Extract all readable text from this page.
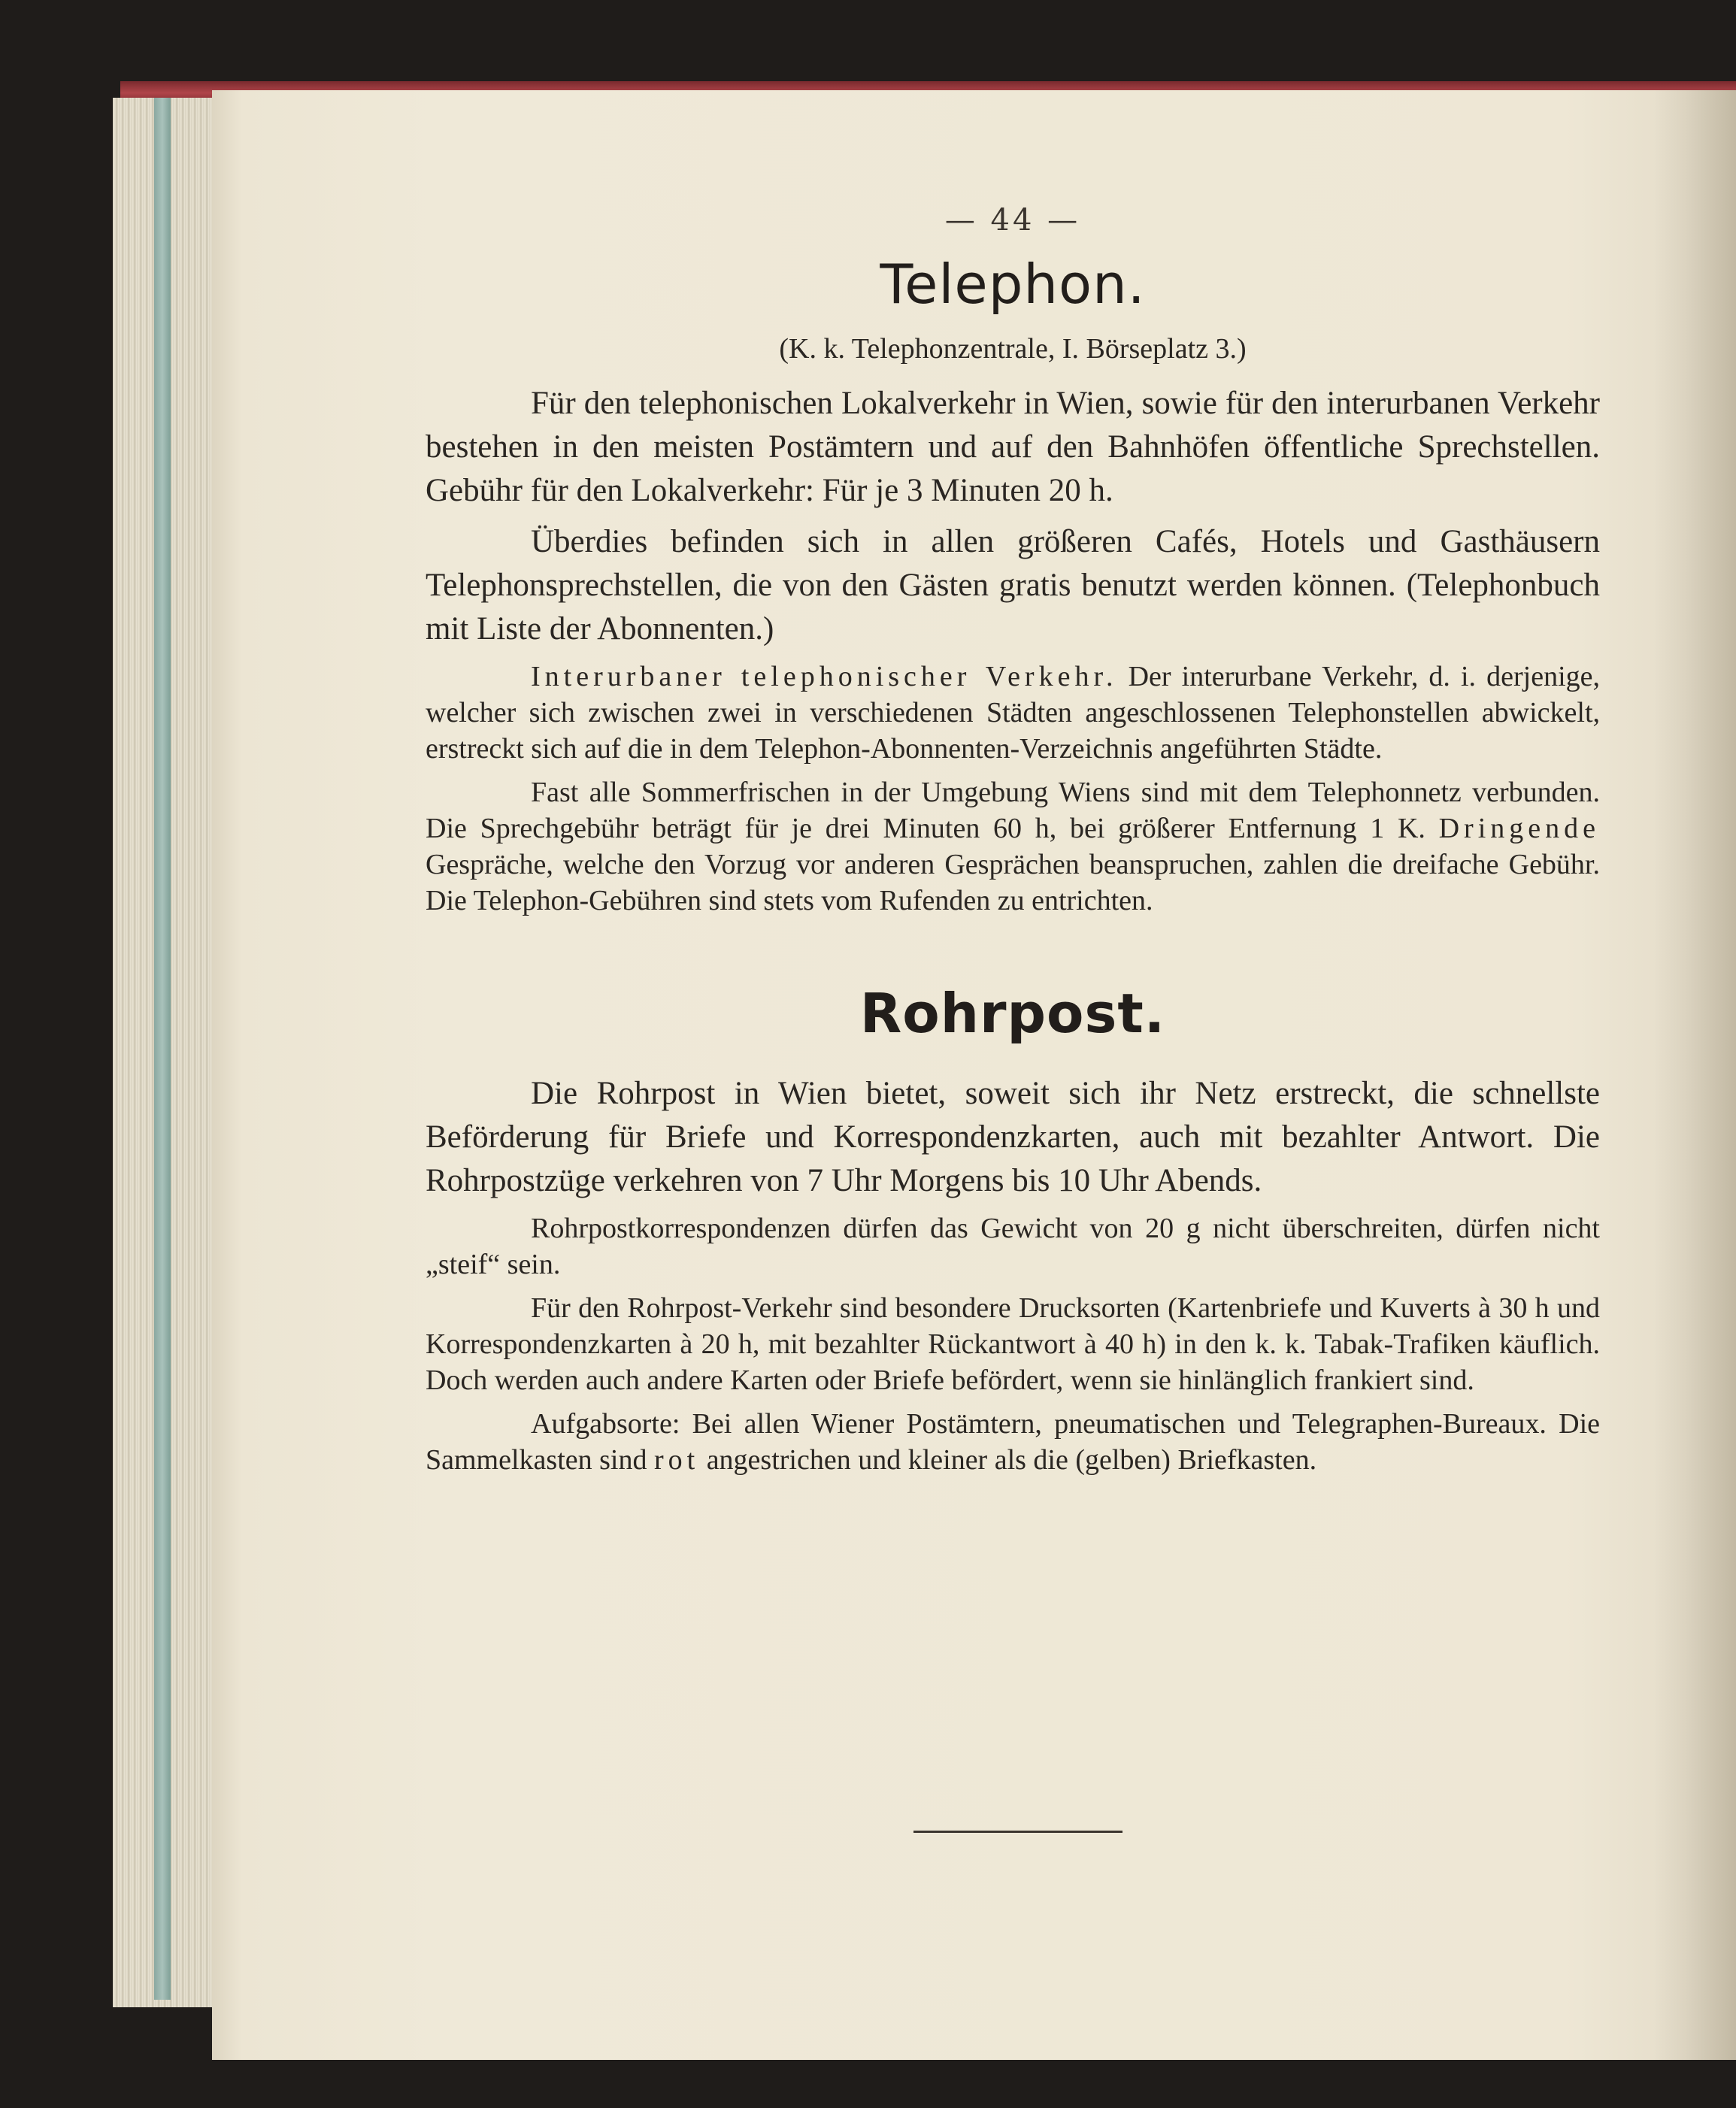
— 44 —
Telephon.
(K. k. Telephonzentrale, I. Börseplatz 3.)

Für den telephonischen Lokalverkehr in Wien, sowie für den interurbanen Verkehr bestehen in den meisten Postämtern und auf den Bahnhöfen öffentliche Sprechstellen. Gebühr für den Lokalverkehr: Für je 3 Minuten 20 h.

Überdies befinden sich in allen größeren Cafés, Hotels und Gasthäusern Telephonsprechstellen, die von den Gästen gratis benutzt werden können. (Telephonbuch mit Liste der Abonnenten.)

Interurbaner telephonischer Verkehr. Der interurbane Verkehr, d. i. derjenige, welcher sich zwischen zwei in verschiedenen Städten angeschlossenen Telephonstellen abwickelt, erstreckt sich auf die in dem Telephon-Abonnenten-Verzeichnis angeführten Städte.

Fast alle Sommerfrischen in der Umgebung Wiens sind mit dem Telephonnetz verbunden. Die Sprechgebühr beträgt für je drei Minuten 60 h, bei größerer Entfernung 1 K. Dringende Gespräche, welche den Vorzug vor anderen Gesprächen beanspruchen, zahlen die dreifache Gebühr. Die Telephon-Gebühren sind stets vom Rufenden zu entrichten.

Rohrpost.

Die Rohrpost in Wien bietet, soweit sich ihr Netz erstreckt, die schnellste Beförderung für Briefe und Korrespondenzkarten, auch mit bezahlter Antwort. Die Rohrpostzüge verkehren von 7 Uhr Morgens bis 10 Uhr Abends.

Rohrpostkorrespondenzen dürfen das Gewicht von 20 g nicht überschreiten, dürfen nicht „steif“ sein.

Für den Rohrpost-Verkehr sind besondere Drucksorten (Kartenbriefe und Kuverts à 30 h und Korrespondenzkarten à 20 h, mit bezahlter Rückantwort à 40 h) in den k. k. Tabak-Trafiken käuflich. Doch werden auch andere Karten oder Briefe befördert, wenn sie hinlänglich frankiert sind.

Aufgabsorte: Bei allen Wiener Postämtern, pneumatischen und Telegraphen-Bureaux. Die Sammelkasten sind rot angestrichen und kleiner als die (gelben) Briefkasten.
